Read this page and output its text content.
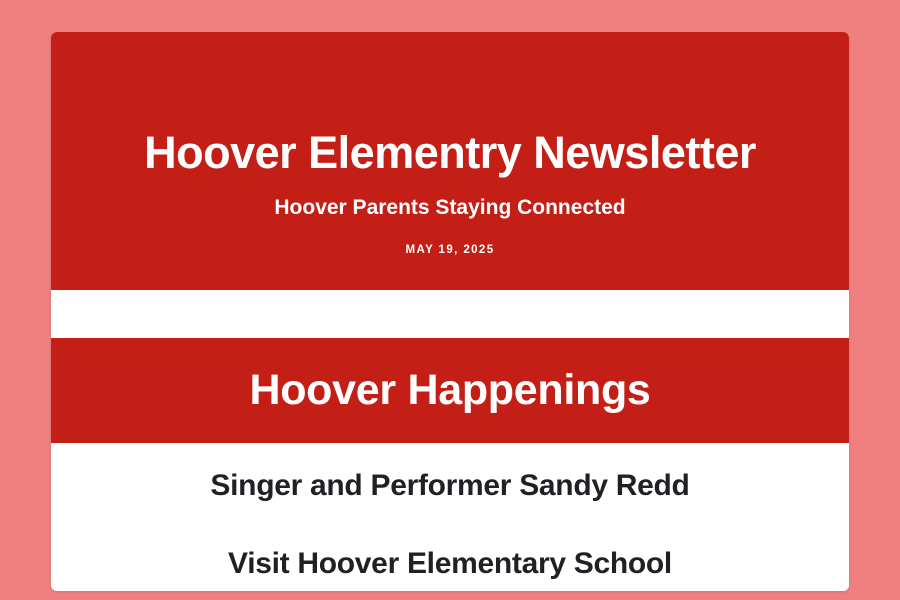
Hoover Elementry Newsletter
Hoover Parents Staying Connected
MAY 19, 2025
Hoover Happenings
Singer and Performer Sandy Redd
Visit Hoover Elementary School
